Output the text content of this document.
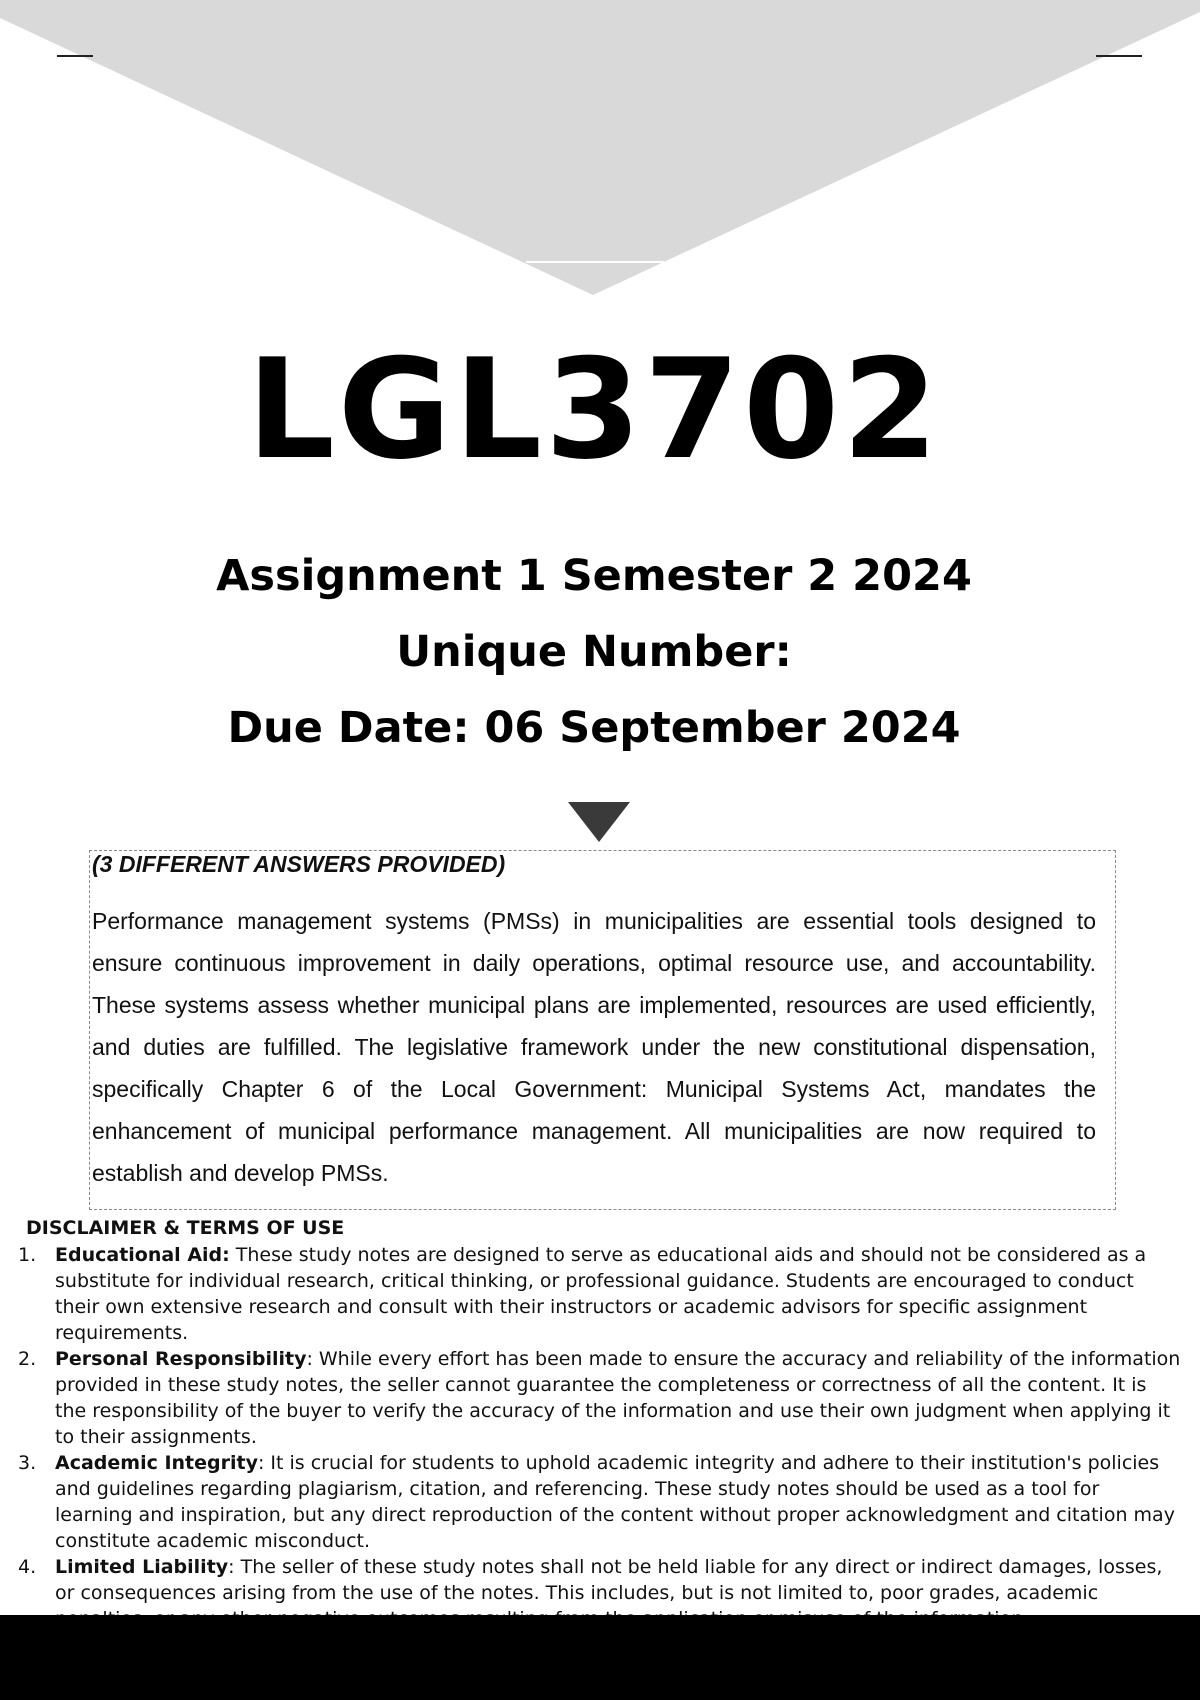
LGL3702
Assignment 1 Semester 2 2024
Unique Number:
Due Date: 06 September 2024
(3 DIFFERENT ANSWERS PROVIDED)
Performance management systems (PMSs) in municipalities are essential tools designed to ensure continuous improvement in daily operations, optimal resource use, and accountability. These systems assess whether municipal plans are implemented, resources are used efficiently, and duties are fulfilled. The legislative framework under the new constitutional dispensation, specifically Chapter 6 of the Local Government: Municipal Systems Act, mandates the enhancement of municipal performance management. All municipalities are now required to establish and develop PMSs.
DISCLAIMER & TERMS OF USE
1. Educational Aid: These study notes are designed to serve as educational aids and should not be considered as a substitute for individual research, critical thinking, or professional guidance. Students are encouraged to conduct their own extensive research and consult with their instructors or academic advisors for specific assignment requirements.
2. Personal Responsibility: While every effort has been made to ensure the accuracy and reliability of the information provided in these study notes, the seller cannot guarantee the completeness or correctness of all the content. It is the responsibility of the buyer to verify the accuracy of the information and use their own judgment when applying it to their assignments.
3. Academic Integrity: It is crucial for students to uphold academic integrity and adhere to their institution's policies and guidelines regarding plagiarism, citation, and referencing. These study notes should be used as a tool for learning and inspiration, but any direct reproduction of the content without proper acknowledgment and citation may constitute academic misconduct.
4. Limited Liability: The seller of these study notes shall not be held liable for any direct or indirect damages, losses, or consequences arising from the use of the notes. This includes, but is not limited to, poor grades, academic
